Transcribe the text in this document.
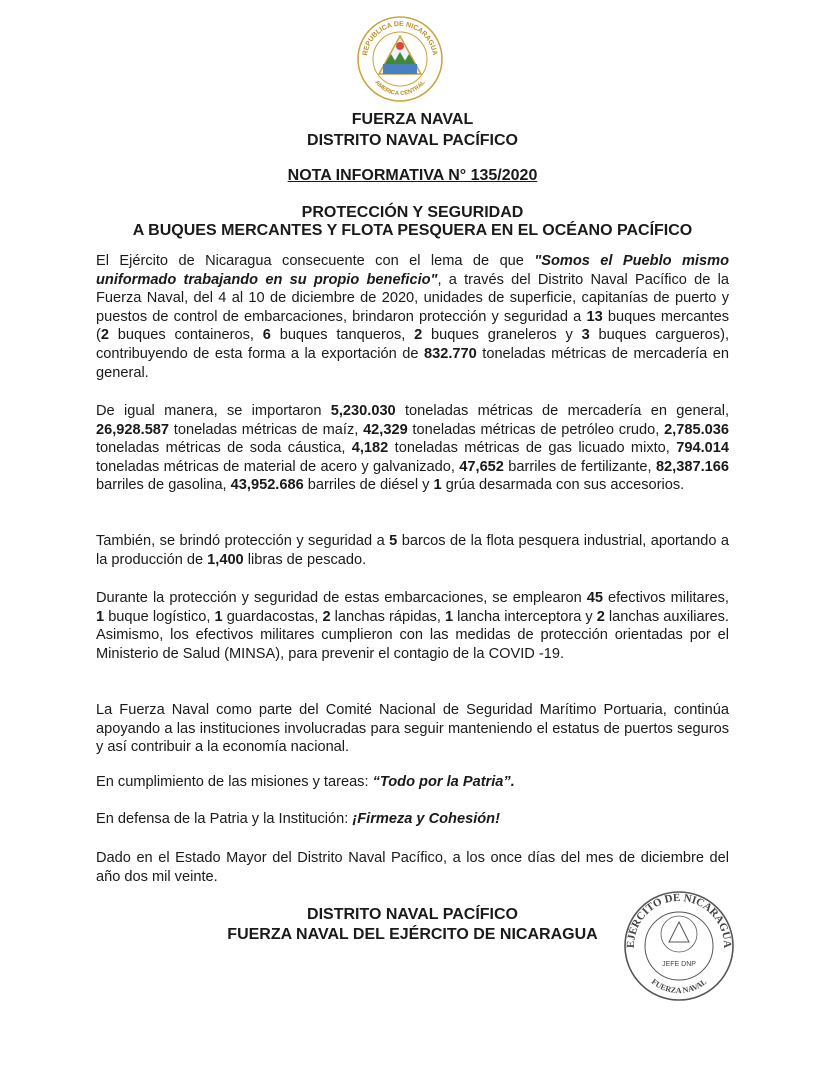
REPUBLICA DE NICARAGUA
AMERICA CENTRAL
FUERZA NAVAL
DISTRITO NAVAL PACÍFICO
NOTA INFORMATIVA N° 135/2020
PROTECCIÓN Y SEGURIDAD
A BUQUES MERCANTES Y FLOTA PESQUERA EN EL OCÉANO PACÍFICO
El Ejército de Nicaragua consecuente con el lema de que "Somos el Pueblo mismo uniformado trabajando en su propio beneficio", a través del Distrito Naval Pacífico de la Fuerza Naval, del 4 al 10 de diciembre de 2020, unidades de superficie, capitanías de puerto y puestos de control de embarcaciones, brindaron protección y seguridad a 13 buques mercantes (2 buques containeros, 6 buques tanqueros, 2 buques graneleros y 3 buques cargueros), contribuyendo de esta forma a la exportación de 832.770 toneladas métricas de mercadería en general.
De igual manera, se importaron 5,230.030 toneladas métricas de mercadería en general, 26,928.587 toneladas métricas de maíz, 42,329 toneladas métricas de petróleo crudo, 2,785.036 toneladas métricas de soda cáustica, 4,182 toneladas métricas de gas licuado mixto, 794.014 toneladas métricas de material de acero y galvanizado, 47,652 barriles de fertilizante, 82,387.166 barriles de gasolina, 43,952.686 barriles de diésel y 1 grúa desarmada con sus accesorios.
También, se brindó protección y seguridad a 5 barcos de la flota pesquera industrial, aportando a la producción de 1,400 libras de pescado.
Durante la protección y seguridad de estas embarcaciones, se emplearon 45 efectivos militares, 1 buque logístico, 1 guardacostas, 2 lanchas rápidas, 1 lancha interceptora y 2 lanchas auxiliares. Asimismo, los efectivos militares cumplieron con las medidas de protección orientadas por el Ministerio de Salud (MINSA), para prevenir el contagio de la COVID -19.
La Fuerza Naval como parte del Comité Nacional de Seguridad Marítimo Portuaria, continúa apoyando a las instituciones involucradas para seguir manteniendo el estatus de puertos seguros y así contribuir a la economía nacional.
En cumplimiento de las misiones y tareas: “Todo por la Patria”.
En defensa de la Patria y la Institución: ¡Firmeza y Cohesión!
Dado en el Estado Mayor del Distrito Naval Pacífico, a los once días del mes de diciembre del año dos mil veinte.
DISTRITO NAVAL PACÍFICO
FUERZA NAVAL DEL EJÉRCITO DE NICARAGUA
EJÉRCITO DE NICARAGUA
FUERZA NAVAL
JEFE DNP
